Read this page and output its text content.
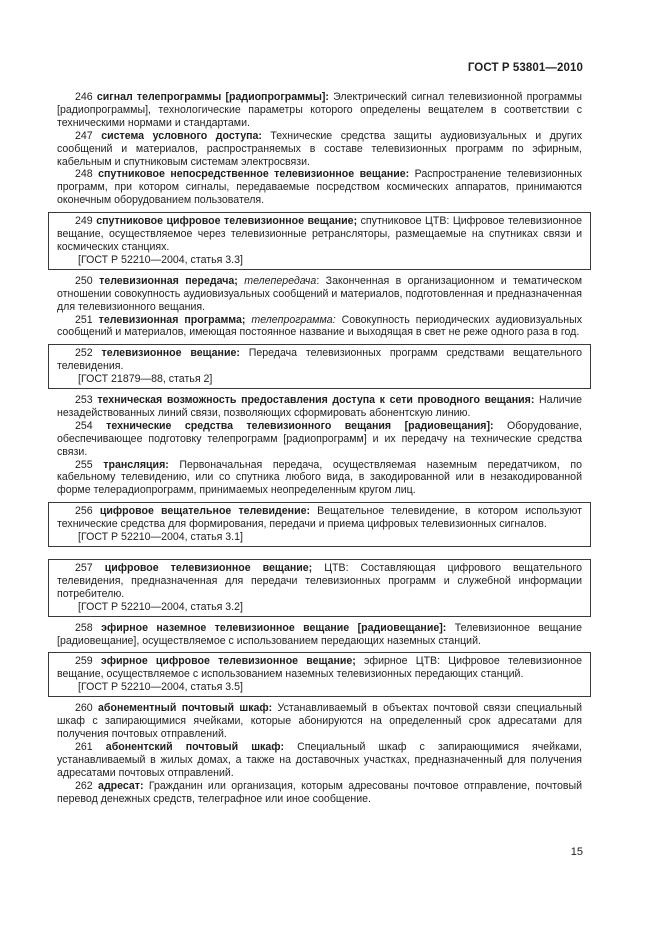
ГОСТ Р 53801—2010

246 сигнал телепрограммы [радиопрограммы]: Электрический сигнал телевизионной программы [радиопрограммы], технологические параметры которого определены вещателем в соответствии с техническими нормами и стандартами.

247 система условного доступа: Технические средства защиты аудиовизуальных и других сообщений и материалов, распространяемых в составе телевизионных программ по эфирным, кабельным и спутниковым системам электросвязи.

248 спутниковое непосредственное телевизионное вещание: Распространение телевизионных программ, при котором сигналы, передаваемые посредством космических аппаратов, принимаются оконечным оборудованием пользователя.

249 спутниковое цифровое телевизионное вещание; спутниковое ЦТВ: Цифровое телевизионное вещание, осуществляемое через телевизионные ретрансляторы, размещаемые на спутниках связи и космических станциях.

[ГОСТ Р 52210—2004, статья 3.3]

250 телевизионная передача; телепередача: Законченная в организационном и тематическом отношении совокупность аудиовизуальных сообщений и материалов, подготовленная и предназначенная для телевизионного вещания.

251 телевизионная программа; телепрограмма: Совокупность периодических аудиовизуальных сообщений и материалов, имеющая постоянное название и выходящая в свет не реже одного раза в год.

252 телевизионное вещание: Передача телевизионных программ средствами вещательного телевидения.

[ГОСТ 21879—88, статья 2]

253 техническая возможность предоставления доступа к сети проводного вещания: Наличие незадействованных линий связи, позволяющих сформировать абонентскую линию.

254 технические средства телевизионного вещания [радиовещания]: Оборудование, обеспечивающее подготовку телепрограмм [радиопрограмм] и их передачу на технические средства связи.

255 трансляция: Первоначальная передача, осуществляемая наземным передатчиком, по кабельному телевидению, или со спутника любого вида, в закодированной или в незакодированной форме телерадиопрограмм, принимаемых неопределенным кругом лиц.

256 цифровое вещательное телевидение: Вещательное телевидение, в котором используют технические средства для формирования, передачи и приема цифровых телевизионных сигналов.

[ГОСТ Р 52210—2004, статья 3.1]

257 цифровое телевизионное вещание; ЦТВ: Составляющая цифрового вещательного телевидения, предназначенная для передачи телевизионных программ и служебной информации потребителю.

[ГОСТ Р 52210—2004, статья 3.2]

258 эфирное наземное телевизионное вещание [радиовещание]: Телевизионное вещание [радиовещание], осуществляемое с использованием передающих наземных станций.

259 эфирное цифровое телевизионное вещание; эфирное ЦТВ: Цифровое телевизионное вещание, осуществляемое с использованием наземных телевизионных передающих станций.

[ГОСТ Р 52210—2004, статья 3.5]

260 абонементный почтовый шкаф: Устанавливаемый в объектах почтовой связи специальный шкаф с запирающимися ячейками, которые абонируются на определенный срок адресатами для получения почтовых отправлений.

261 абонентский почтовый шкаф: Специальный шкаф с запирающимися ячейками, устанавливаемый в жилых домах, а также на доставочных участках, предназначенный для получения адресатами почтовых отправлений.

262 адресат: Гражданин или организация, которым адресованы почтовое отправление, почтовый перевод денежных средств, телеграфное или иное сообщение.

15
